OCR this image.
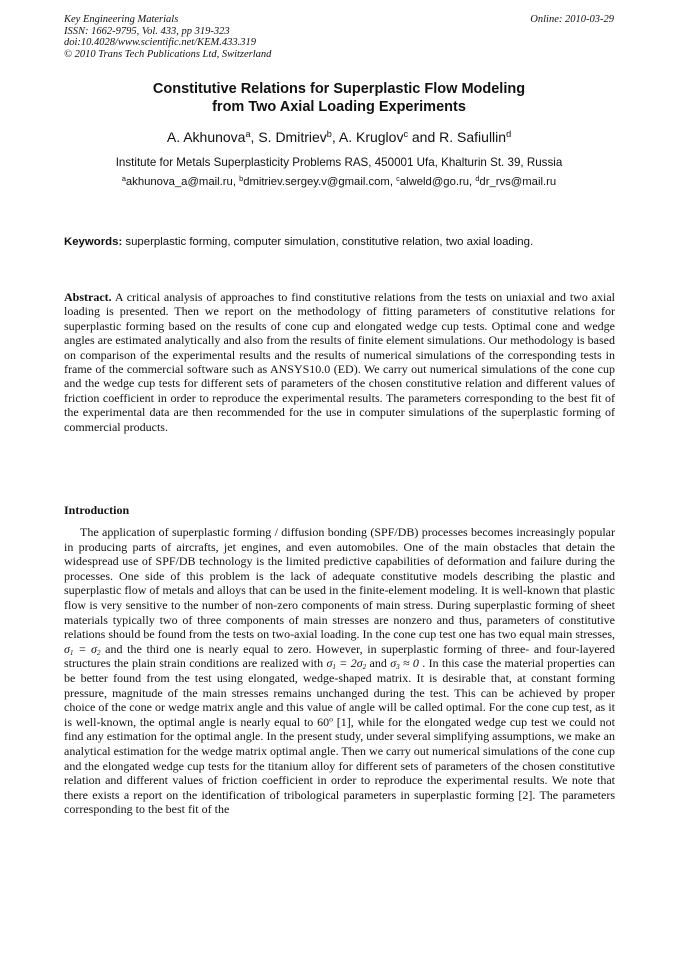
Key Engineering Materials
ISSN: 1662-9795, Vol. 433, pp 319-323
doi:10.4028/www.scientific.net/KEM.433.319
© 2010 Trans Tech Publications Ltd, Switzerland
Online: 2010-03-29
Constitutive Relations for Superplastic Flow Modeling
from Two Axial Loading Experiments
A. Akhunova$^a$, S. Dmitriev$^b$, A. Kruglov$^c$ and R. Safiullin$^d$
Institute for Metals Superplasticity Problems RAS, 450001 Ufa, Khalturin St. 39, Russia
$^a$akhunova_a@mail.ru, $^b$dmitriev.sergey.v@gmail.com, $^c$alweld@go.ru, $^d$dr_rvs@mail.ru
Keywords: superplastic forming, computer simulation, constitutive relation, two axial loading.

Abstract. A critical analysis of approaches to find constitutive relations from the tests on uniaxial and two axial loading is presented. Then we report on the methodology of fitting parameters of constitutive relations for superplastic forming based on the results of cone cup and elongated wedge cup tests. Optimal cone and wedge angles are estimated analytically and also from the results of finite element simulations. Our methodology is based on comparison of the experimental results and the results of numerical simulations of the corresponding tests in frame of the commercial software such as ANSYS10.0 (ED). We carry out numerical simulations of the cone cup and the wedge cup tests for different sets of parameters of the chosen constitutive relation and different values of friction coefficient in order to reproduce the experimental results. The parameters corresponding to the best fit of the experimental data are then recommended for the use in computer simulations of the superplastic forming of commercial products.

Introduction

The application of superplastic forming / diffusion bonding (SPF/DB) processes becomes increasingly popular in producing parts of aircrafts, jet engines, and even automobiles. One of the main obstacles that detain the widespread use of SPF/DB technology is the limited predictive capabilities of deformation and failure during the processes. One side of this problem is the lack of adequate constitutive models describing the plastic and superplastic flow of metals and alloys that can be used in the finite-element modeling. It is well-known that plastic flow is very sensitive to the number of non-zero components of main stress. During superplastic forming of sheet materials typically two of three components of main stresses are nonzero and thus, parameters of constitutive relations should be found from the tests on two-axial loading. In the cone cup test one has two equal main stresses, $\sigma_1 = \sigma_2$ and the third one is nearly equal to zero. However, in superplastic forming of three- and four-layered structures the plain strain conditions are realized with $\sigma_1 = 2\sigma_2$ and $\sigma_3 \approx 0$ . In this case the material properties can be better found from the test using elongated, wedge-shaped matrix. It is desirable that, at constant forming pressure, magnitude of the main stresses remains unchanged during the test. This can be achieved by proper choice of the cone or wedge matrix angle and this value of angle will be called optimal. For the cone cup test, as it is well-known, the optimal angle is nearly equal to 60$^o$ [1], while for the elongated wedge cup test we could not find any estimation for the optimal angle. In the present study, under several simplifying assumptions, we make an analytical estimation for the wedge matrix optimal angle. Then we carry out numerical simulations of the cone cup and the elongated wedge cup tests for the titanium alloy for different sets of parameters of the chosen constitutive relation and different values of friction coefficient in order to reproduce the experimental results. We note that there exists a report on the identification of tribological parameters in superplastic forming [2]. The parameters corresponding to the best fit of the
